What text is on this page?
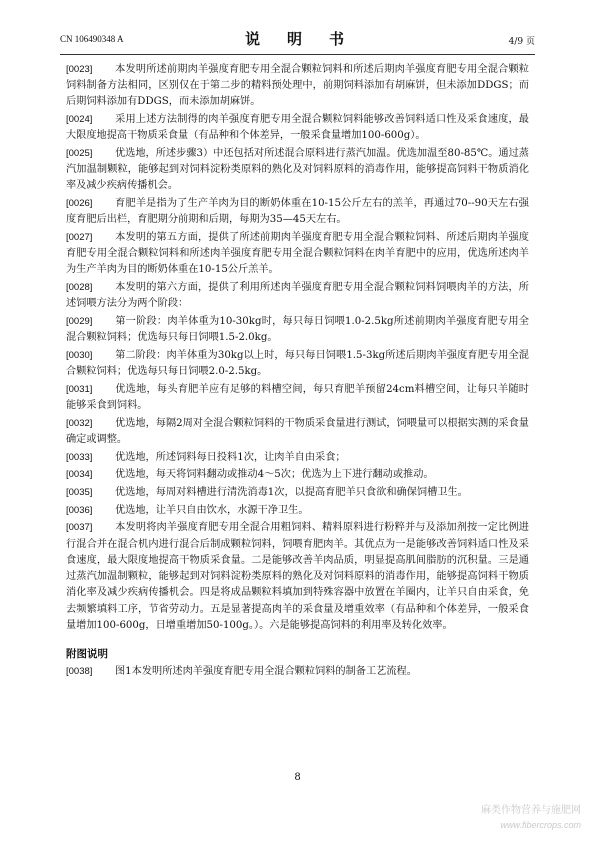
CN 106490348 A	说　明　书	4/9 页

[0023] 本发明所述前期肉羊强度育肥专用全混合颗粒饲料和所述后期肉羊强度育肥专用全混合颗粒饲料制备方法相同，区别仅在于第二步的精料预处理中，前期饲料添加有胡麻饼，但未添加DDGS；而后期饲料添加有DDGS，而未添加胡麻饼。

[0024] 采用上述方法制得的肉羊强度育肥专用全混合颗粒饲料能够改善饲料适口性及采食速度，最大限度地提高干物质采食量（有品种和个体差异，一般采食量增加100-600g）。

[0025] 优选地，所述步骤3）中还包括对所述混合原料进行蒸汽加温。优选加温至80-85℃。通过蒸汽加温制颗粒，能够起到对饲料淀粉类原料的熟化及对饲料原料的消毒作用，能够提高饲料干物质消化率及减少疾病传播机会。

[0026] 育肥羊是指为了生产羊肉为目的断奶体重在10-15公斤左右的羔羊，再通过70--90天左右强度育肥后出栏，育肥期分前期和后期，每期为35—45天左右。

[0027] 本发明的第五方面，提供了所述前期肉羊强度育肥专用全混合颗粒饲料、所述后期肉羊强度育肥专用全混合颗粒饲料和所述肉羊强度育肥专用全混合颗粒饲料在肉羊育肥中的应用，优选所述肉羊为生产羊肉为目的断奶体重在10-15公斤羔羊。

[0028] 本发明的第六方面，提供了利用所述肉羊强度育肥专用全混合颗粒饲料饲喂肉羊的方法，所述饲喂方法分为两个阶段：

[0029] 第一阶段：肉羊体重为10-30kg时，每只每日饲喂1.0-2.5kg所述前期肉羊强度育肥专用全混合颗粒饲料；优选每只每日饲喂1.5-2.0kg。

[0030] 第二阶段：肉羊体重为30kg以上时，每只每日饲喂1.5-3kg所述后期肉羊强度育肥专用全混合颗粒饲料；优选每只每日饲喂2.0-2.5kg。

[0031] 优选地，每头育肥羊应有足够的料槽空间，每只育肥羊预留24cm料槽空间，让每只羊随时能够采食到饲料。

[0032] 优选地，每隔2周对全混合颗粒饲料的干物质采食量进行测试，饲喂量可以根据实测的采食量确定或调整。

[0033] 优选地，所述饲料每日投料1次，让肉羊自由采食；

[0034] 优选地，每天将饲料翻动或推动4～5次；优选为上下进行翻动或推动。

[0035] 优选地，每周对料槽进行清洗消毒1次，以提高育肥羊只食欲和确保饲槽卫生。

[0036] 优选地，让羊只自由饮水，水源干净卫生。

[0037] 本发明将肉羊强度育肥专用全混合用粗饲料、精料原料进行粉粹并与及添加剂按一定比例进行混合并在混合机内进行混合后制成颗粒饲料，饲喂育肥肉羊。其优点为一是能够改善饲料适口性及采食速度，最大限度地提高干物质采食量。二是能够改善羊肉品质，明显提高肌间脂肪的沉积量。三是通过蒸汽加温制颗粒，能够起到对饲料淀粉类原料的熟化及对饲料原料的消毒作用，能够提高饲料干物质消化率及减少疾病传播机会。四是将成品颗粒料填加到特殊容器中放置在羊圈内，让羊只自由采食，免去频繁填料工序，节省劳动力。五是显著提高肉羊的采食量及增重效率（有品种和个体差异，一般采食量增加100-600g，日增重增加50-100g。）。六是能够提高饲料的利用率及转化效率。

附图说明

[0038] 图1本发明所述肉羊强度育肥专用全混合颗粒饲料的制备工艺流程。

8
麻类作物营养与施肥网
www.fibercrops.com
